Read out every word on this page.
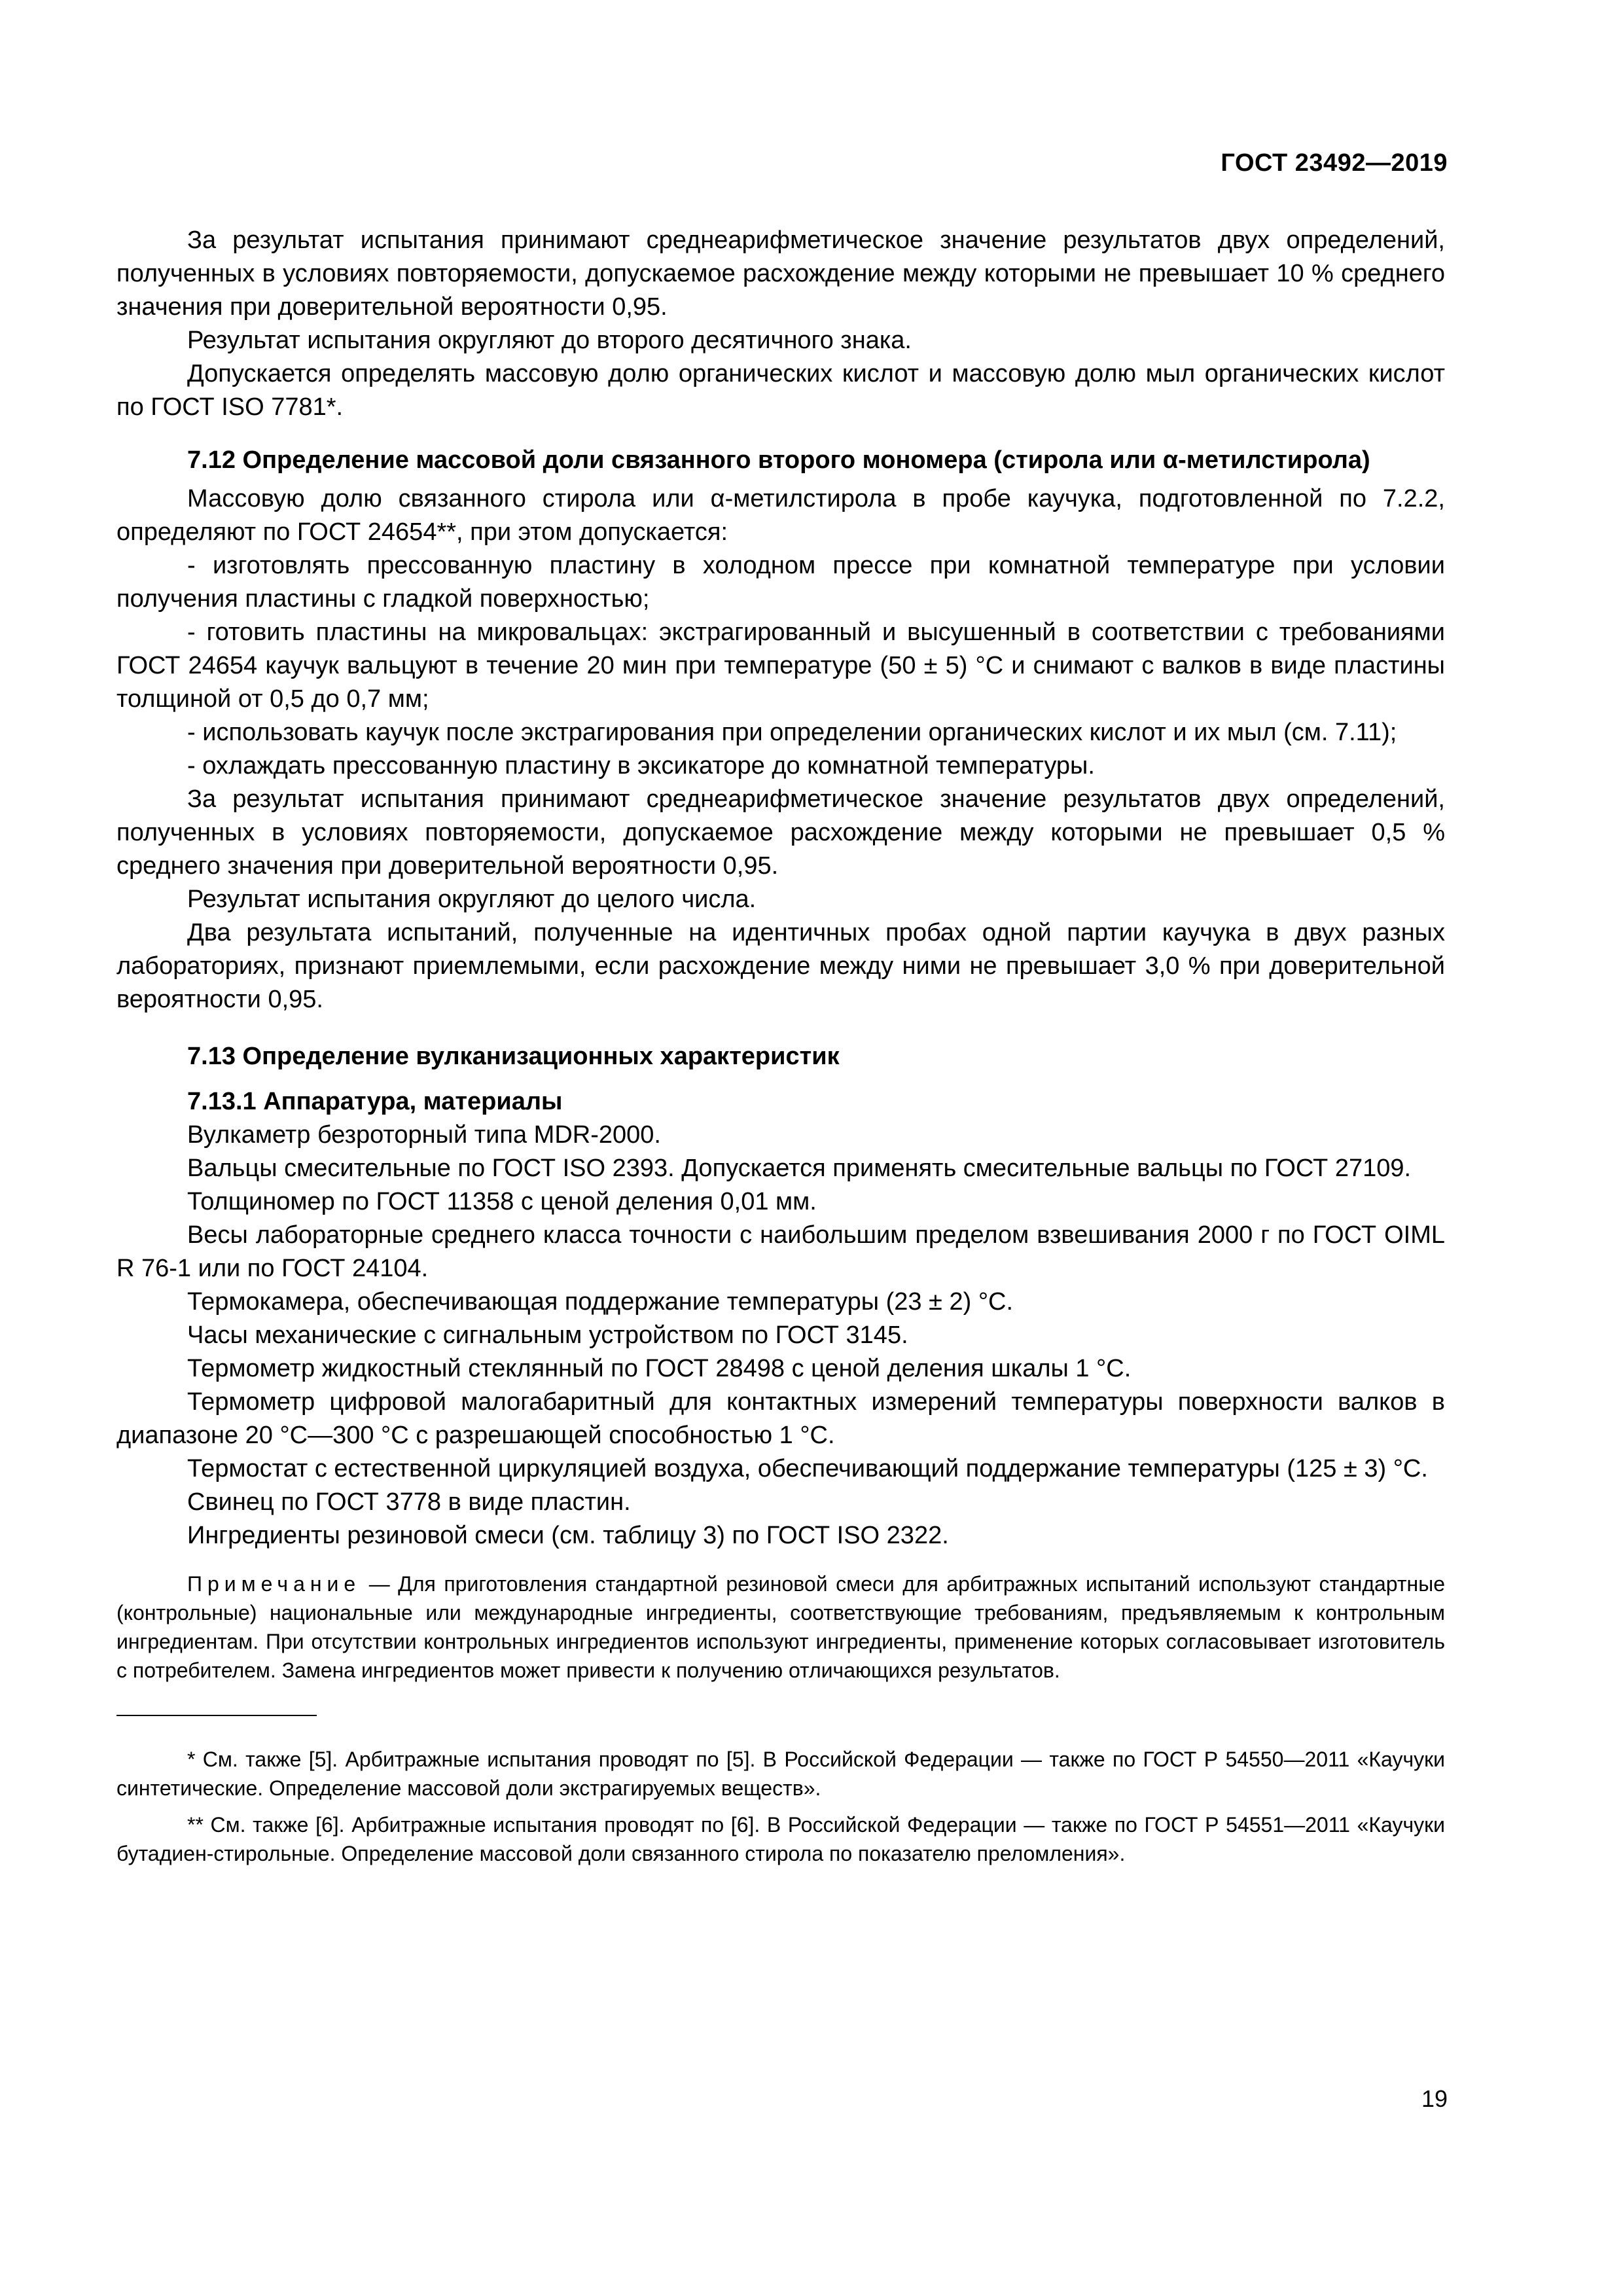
ГОСТ 23492—2019

За результат испытания принимают среднеарифметическое значение результатов двух определений, полученных в условиях повторяемости, допускаемое расхождение между которыми не превышает 10 % среднего значения при доверительной вероятности 0,95.

Результат испытания округляют до второго десятичного знака.

Допускается определять массовую долю органических кислот и массовую долю мыл органических кислот по ГОСТ ISO 7781*.

7.12 Определение массовой доли связанного второго мономера (стирола или α-метилстирола)

Массовую долю связанного стирола или α-метилстирола в пробе каучука, подготовленной по 7.2.2, определяют по ГОСТ 24654**, при этом допускается:

- изготовлять прессованную пластину в холодном прессе при комнатной температуре при условии получения пластины с гладкой поверхностью;

- готовить пластины на микровальцах: экстрагированный и высушенный в соответствии с требованиями ГОСТ 24654 каучук вальцуют в течение 20 мин при температуре (50 ± 5) °С и снимают с валков в виде пластины толщиной от 0,5 до 0,7 мм;

- использовать каучук после экстрагирования при определении органических кислот и их мыл (см. 7.11);

- охлаждать прессованную пластину в эксикаторе до комнатной температуры.

За результат испытания принимают среднеарифметическое значение результатов двух определений, полученных в условиях повторяемости, допускаемое расхождение между которыми не превышает 0,5 % среднего значения при доверительной вероятности 0,95.

Результат испытания округляют до целого числа.

Два результата испытаний, полученные на идентичных пробах одной партии каучука в двух разных лабораториях, признают приемлемыми, если расхождение между ними не превышает 3,0 % при доверительной вероятности 0,95.

7.13 Определение вулканизационных характеристик

7.13.1 Аппаратура, материалы

Вулкаметр безроторный типа MDR-2000.

Вальцы смесительные по ГОСТ ISO 2393. Допускается применять смесительные вальцы по ГОСТ 27109.

Толщиномер по ГОСТ 11358 с ценой деления 0,01 мм.

Весы лабораторные среднего класса точности с наибольшим пределом взвешивания 2000 г по ГОСТ OIML R 76-1 или по ГОСТ 24104.

Термокамера, обеспечивающая поддержание температуры (23 ± 2) °С.

Часы механические с сигнальным устройством по ГОСТ 3145.

Термометр жидкостный стеклянный по ГОСТ 28498 с ценой деления шкалы 1 °С.

Термометр цифровой малогабаритный для контактных измерений температуры поверхности валков в диапазоне 20 °С—300 °С с разрешающей способностью 1 °С.

Термостат с естественной циркуляцией воздуха, обеспечивающий поддержание температуры (125 ± 3) °С.

Свинец по ГОСТ 3778 в виде пластин.

Ингредиенты резиновой смеси (см. таблицу 3) по ГОСТ ISO 2322.

Примечание — Для приготовления стандартной резиновой смеси для арбитражных испытаний используют стандартные (контрольные) национальные или международные ингредиенты, соответствующие требованиям, предъявляемым к контрольным ингредиентам. При отсутствии контрольных ингредиентов используют ингредиенты, применение которых согласовывает изготовитель с потребителем. Замена ингредиентов может привести к получению отличающихся результатов.

* См. также [5]. Арбитражные испытания проводят по [5]. В Российской Федерации — также по ГОСТ Р 54550—2011 «Каучуки синтетические. Определение массовой доли экстрагируемых веществ».

** См. также [6]. Арбитражные испытания проводят по [6]. В Российской Федерации — также по ГОСТ Р 54551—2011 «Каучуки бутадиен-стирольные. Определение массовой доли связанного стирола по показателю преломления».

19
